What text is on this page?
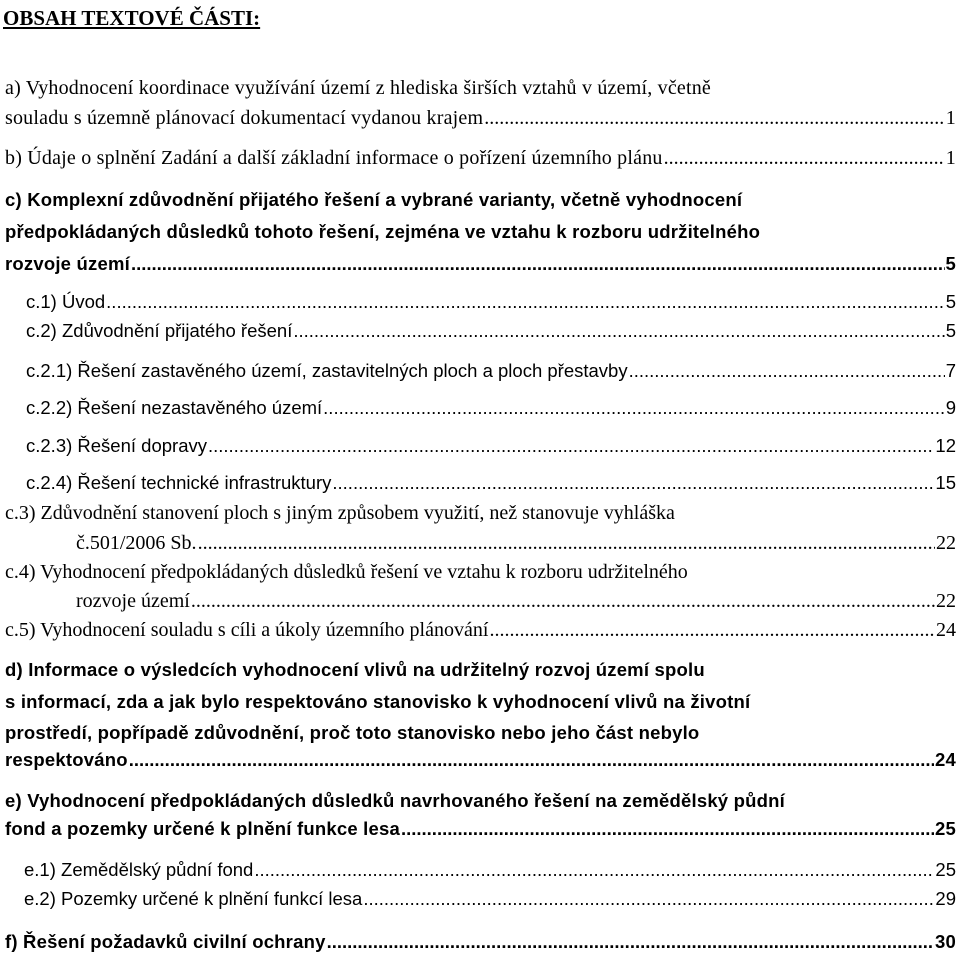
OBSAH TEXTOVÉ ČÁSTI:
a) Vyhodnocení koordinace využívání území z hlediska širších vztahů v území, včetně
souladu s územně plánovací dokumentací vydanou krajem .....	1
b) Údaje o splnění Zadání a další základní informace o pořízení územního plánu .....	1
c) Komplexní zdůvodnění přijatého řešení a vybrané varianty, včetně vyhodnocení
předpokládaných důsledků tohoto řešení, zejména ve vztahu k rozboru udržitelného
rozvoje území .....	5
c.1) Úvod .....	5
c.2) Zdůvodnění přijatého řešení .....	5
c.2.1) Řešení zastavěného území, zastavitelných ploch a ploch přestavby .....	7
c.2.2) Řešení nezastavěného území .....	9
c.2.3) Řešení dopravy .....	12
c.2.4) Řešení technické infrastruktury .....	15
c.3) Zdůvodnění stanovení ploch s jiným způsobem využití, než stanovuje vyhláška
č.501/2006 Sb. .....	22
c.4) Vyhodnocení předpokládaných důsledků řešení ve vztahu k rozboru udržitelného
rozvoje území .....	22
c.5) Vyhodnocení souladu s cíli a úkoly územního plánování .....	24
d) Informace o výsledcích vyhodnocení vlivů na udržitelný rozvoj území spolu
s informací, zda a jak bylo respektováno stanovisko k vyhodnocení vlivů na životní
prostředí, popřípadě zdůvodnění, proč toto stanovisko nebo jeho část nebylo
respektováno .....	24
e) Vyhodnocení předpokládaných důsledků navrhovaného řešení na zemědělský půdní
fond a pozemky určené k plnění funkce lesa .....	25
e.1) Zemědělský půdní fond .....	25
e.2) Pozemky určené k plnění funkcí lesa .....	29
f) Řešení požadavků civilní ochrany .....	30
